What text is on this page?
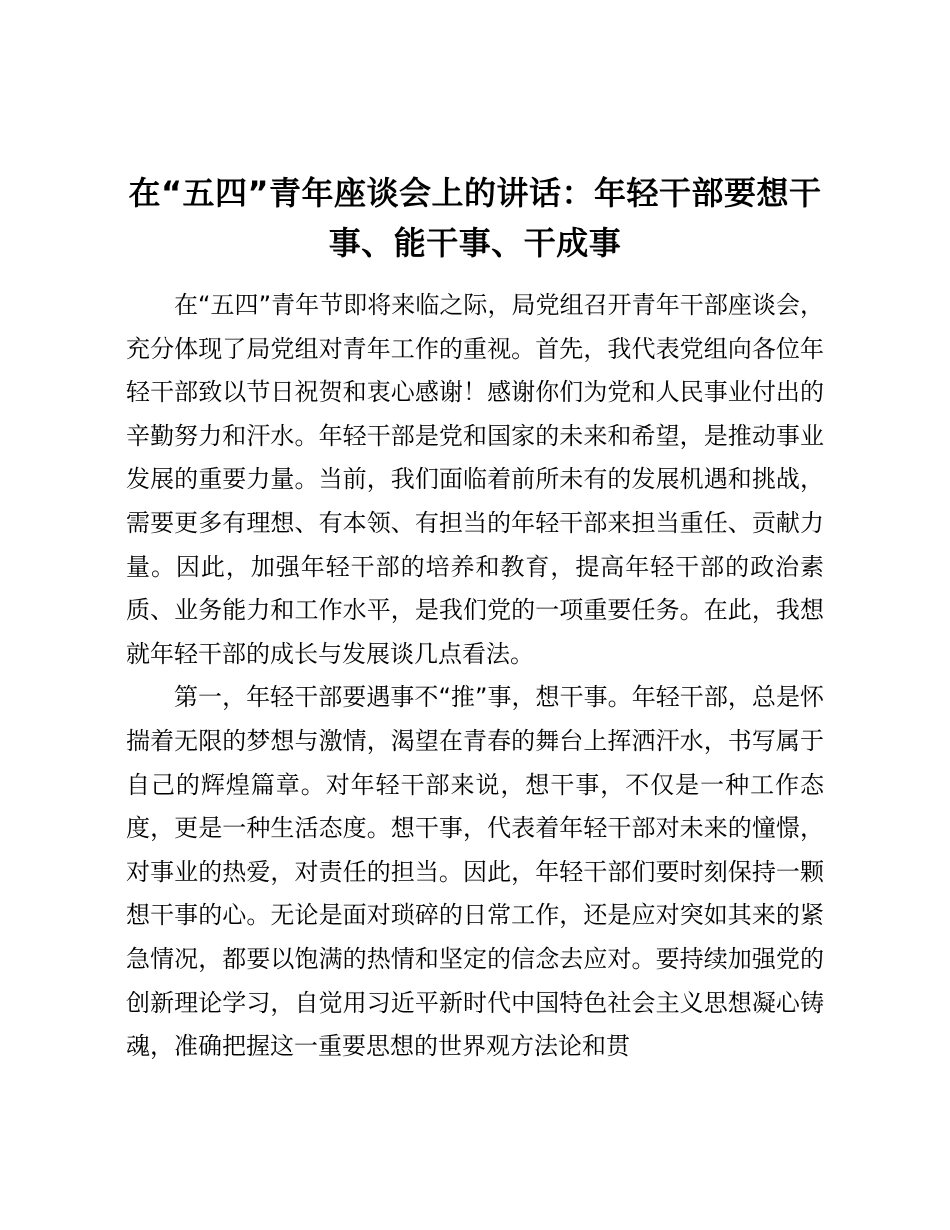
在“五四”青年座谈会上的讲话：年轻干部要想干事、能干事、干成事

在“五四”青年节即将来临之际，局党组召开青年干部座谈会，充分体现了局党组对青年工作的重视。首先，我代表党组向各位年轻干部致以节日祝贺和衷心感谢！感谢你们为党和人民事业付出的辛勤努力和汗水。年轻干部是党和国家的未来和希望，是推动事业发展的重要力量。当前，我们面临着前所未有的发展机遇和挑战，需要更多有理想、有本领、有担当的年轻干部来担当重任、贡献力量。因此，加强年轻干部的培养和教育，提高年轻干部的政治素质、业务能力和工作水平，是我们党的一项重要任务。在此，我想就年轻干部的成长与发展谈几点看法。

第一，年轻干部要遇事不“推”事，想干事。年轻干部，总是怀揣着无限的梦想与激情，渴望在青春的舞台上挥洒汗水，书写属于自己的辉煌篇章。对年轻干部来说，想干事，不仅是一种工作态度，更是一种生活态度。想干事，代表着年轻干部对未来的憧憬，对事业的热爱，对责任的担当。因此，年轻干部们要时刻保持一颗想干事的心。无论是面对琐碎的日常工作，还是应对突如其来的紧急情况，都要以饱满的热情和坚定的信念去应对。要持续加强党的创新理论学习，自觉用习近平新时代中国特色社会主义思想凝心铸魂，准确把握这一重要思想的世界观方法论和贯
